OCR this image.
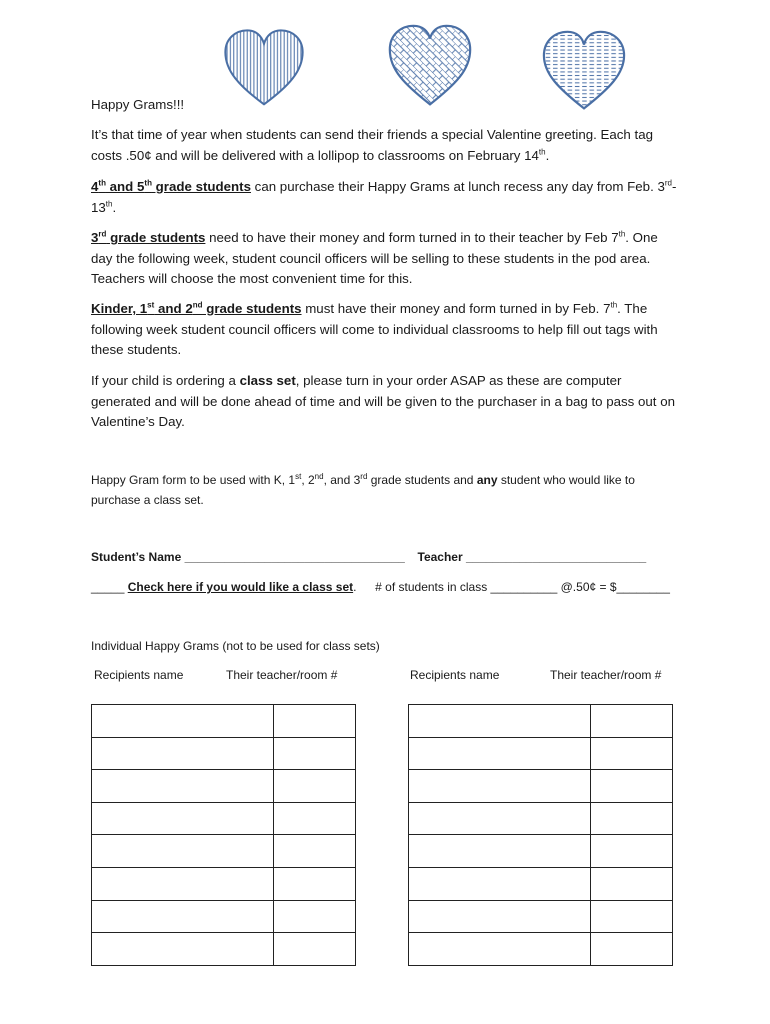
Happy Grams!!!

It’s that time of year when students can send their friends a special Valentine greeting. Each tag costs .50¢ and will be delivered with a lollipop to classrooms on February 14th.

4th and 5th grade students can purchase their Happy Grams at lunch recess any day from Feb. 3rd- 13th.

3rd grade students need to have their money and form turned in to their teacher by Feb 7th. One day the following week, student council officers will be selling to these students in the pod area. Teachers will choose the most convenient time for this.

Kinder, 1st and 2nd grade students must have their money and form turned in by Feb. 7th. The following week student council officers will come to individual classrooms to help fill out tags with these students.

If your child is ordering a class set, please turn in your order ASAP as these are computer generated and will be done ahead of time and will be given to the purchaser in a bag to pass out on Valentine’s Day.

Happy Gram form to be used with K, 1st, 2nd, and 3rd grade students and any student who would like to purchase a class set.

Student’s Name _________________________________ Teacher ___________________________
_____ Check here if you would like a class set. # of students in class __________ @.50¢ = $________
Individual Happy Grams (not to be used for class sets)
Recipients name	Their teacher/room #	Recipients name	Their teacher/room #
